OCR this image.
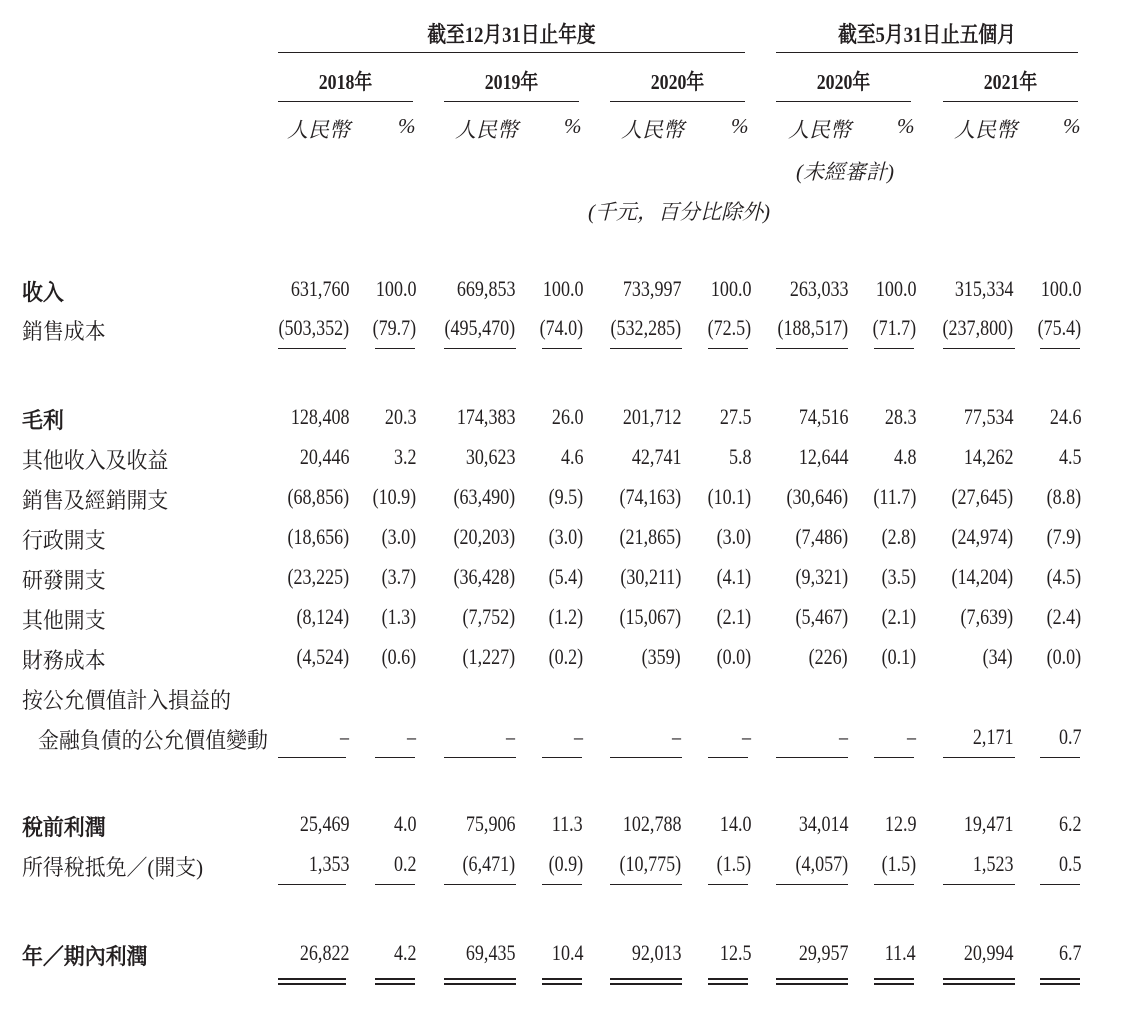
截至12月31日止年度	截至5月31日止五個月
2018年	2019年	2020年	2020年	2021年
人民幣 % 人民幣 % 人民幣 % 人民幣 % 人民幣 %
(未經審計)
(千元，百分比除外)
收入	631,760 100.0 669,853 100.0 733,997 100.0 263,033 100.0 315,334 100.0
銷售成本	(503,352) (79.7) (495,470) (74.0) (532,285) (72.5) (188,517) (71.7) (237,800) (75.4)
毛利	128,408 20.3 174,383 26.0 201,712 27.5 74,516 28.3 77,534 24.6
其他收入及收益	20,446 3.2 30,623 4.6 42,741 5.8 12,644 4.8 14,262 4.5
銷售及經銷開支	(68,856) (10.9) (63,490) (9.5) (74,163) (10.1) (30,646) (11.7) (27,645) (8.8)
行政開支	(18,656) (3.0) (20,203) (3.0) (21,865) (3.0) (7,486) (2.8) (24,974) (7.9)
研發開支	(23,225) (3.7) (36,428) (5.4) (30,211) (4.1) (9,321) (3.5) (14,204) (4.5)
其他開支	(8,124) (1.3) (7,752) (1.2) (15,067) (2.1) (5,467) (2.1) (7,639) (2.4)
財務成本	(4,524) (0.6) (1,227) (0.2)	(359) (0.0)	(226) (0.1)	(34) (0.0)
按公允價值計入損益的
金融負債的公允價值變動	–	–	–	–	–	–	–	–	2,171 0.7
稅前利潤	25,469 4.0 75,906 11.3 102,788 14.0 34,014 12.9 19,471 6.2
所得稅抵免／(開支)	1,353 0.2 (6,471) (0.9) (10,775) (1.5) (4,057) (1.5)	1,523 0.5
年／期內利潤	26,822 4.2 69,435 10.4 92,013 12.5 29,957 11.4 20,994 6.7
